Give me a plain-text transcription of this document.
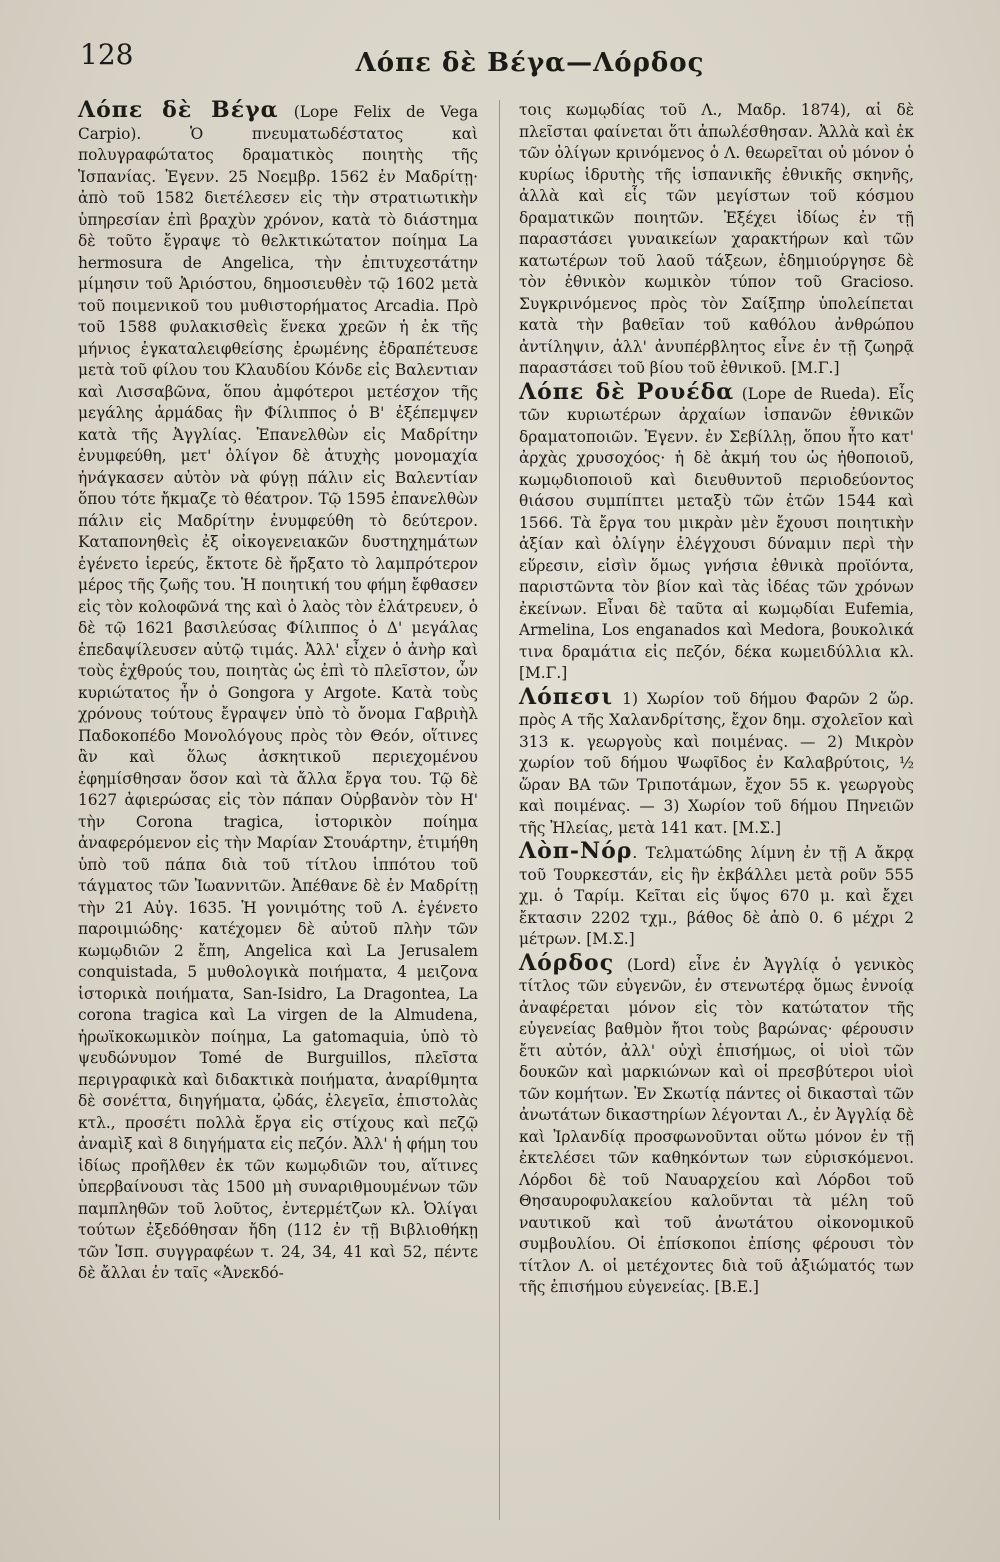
128	Λόπε δὲ Βέγα—Λόρδος

Λόπε δὲ Βέγα (Lope Felix de Vega Carpio). Ὁ πνευματωδέστατος καὶ πολυγραφώτατος δραματικὸς ποιητὴς τῆς Ἱσπανίας. Ἐγενν. 25 Νοεμβρ. 1562 ἐν Μαδρίτῃ· ἀπὸ τοῦ 1582 διετέλεσεν εἰς τὴν στρατιωτικὴν ὑπηρεσίαν ἐπὶ βραχὺν χρόνον, κατὰ τὸ διάστημα δὲ τοῦτο ἔγραψε τὸ θελκτικώτατον ποίημα La hermosura de Angelica, τὴν ἐπιτυχεστάτην μίμησιν τοῦ Ἀριόστου, δημοσιευθὲν τῷ 1602 μετὰ τοῦ ποιμενικοῦ του μυθιστορήματος Arcadia. Πρὸ τοῦ 1588 φυλακισθεὶς ἕνεκα χρεῶν ἡ ἐκ τῆς μήνιος ἐγκαταλειφθείσης ἐρωμένης ἐδραπέτευσε μετὰ τοῦ φίλου του Κλαυδίου Κόνδε εἰς Βαλεντιαν καὶ Λισσαβῶνα, ὅπου ἀμφότεροι μετέσχον τῆς μεγάλης ἁρμάδας ἣν Φίλιππος ὁ Β' ἐξέπεμψεν κατὰ τῆς Ἀγγλίας. Ἐπανελθὼν εἰς Μαδρίτην ἐνυμφεύθη, μετ' ὀλίγον δὲ ἀτυχὴς μονομαχία ἠνάγκασεν αὐτὸν νὰ φύγῃ πάλιν εἰς Βαλεντίαν ὅπου τότε ἤκμαζε τὸ θέατρον. Τῷ 1595 ἐπανελθὼν πάλιν εἰς Μαδρίτην ἐνυμφεύθη τὸ δεύτερον. Καταπονηθεὶς ἐξ οἰκογενειακῶν δυστηχημάτων ἐγένετο ἱερεύς, ἔκτοτε δὲ ἤρξατο τὸ λαμπρότερον μέρος τῆς ζωῆς του. Ἡ ποιητική του φήμη ἔφθασεν εἰς τὸν κολοφῶνά της καὶ ὁ λαὸς τὸν ἐλάτρευεν, ὁ δὲ τῷ 1621 βασιλεύσας Φίλιππος ὁ Δ' μεγάλας ἐπεδαψίλευσεν αὐτῷ τιμάς. Ἀλλ' εἶχεν ὁ ἀνὴρ καὶ τοὺς ἐχθρούς του, ποιητὰς ὡς ἐπὶ τὸ πλεῖστον, ὧν κυριώτατος ἦν ὁ Gongora y Argote. Κατὰ τοὺς χρόνους τούτους ἔγραψεν ὑπὸ τὸ ὄνομα Γαβριὴλ Παδοκοπέδο Μονολόγους πρὸς τὸν Θεόν, οἵτινες ἂν καὶ ὅλως ἀσκητικοῦ περιεχομένου ἐφημίσθησαν ὅσον καὶ τὰ ἄλλα ἔργα του. Τῷ δὲ 1627 ἀφιερώσας εἰς τὸν πάπαν Οὐρβανὸν τὸν Η' τὴν Corona tragica, ἱστορικὸν ποίημα ἀναφερόμενον εἰς τὴν Μαρίαν Στουάρτην, ἐτιμήθη ὑπὸ τοῦ πάπα διὰ τοῦ τίτλου ἱππότου τοῦ τάγματος τῶν Ἰωαννιτῶν. Ἀπέθανε δὲ ἐν Μαδρίτῃ τὴν 21 Αὐγ. 1635. Ἡ γονιμότης τοῦ Λ. ἐγένετο παροιμιώδης· κατέχομεν δὲ αὐτοῦ πλὴν τῶν κωμῳδιῶν 2 ἔπη, Angelica καὶ La Jerusalem conquistada, 5 μυθολογικὰ ποιήματα, 4 μειζονα ἱστορικὰ ποιήματα, San-Isidro, La Dragontea, La corona tragica καὶ La virgen de la Almudena, ἡρωϊκοκωμικὸν ποίημα, La gatomaquia, ὑπὸ τὸ ψευδώνυμον Tomé de Burguillos, πλεῖστα περιγραφικὰ καὶ διδακτικὰ ποιήματα, ἀναρίθμητα δὲ σονέττα, διηγήματα, ᾠδάς, ἐλεγεῖα, ἐπιστολὰς κτλ., προσέτι πολλὰ ἔργα εἰς στίχους καὶ πεζῷ ἀναμὶξ καὶ 8 διηγήματα εἰς πεζόν. Ἀλλ' ἡ φήμη του ἰδίως προῆλθεν ἐκ τῶν κωμῳδιῶν του, αἵτινες ὑπερβαίνουσι τὰς 1500 μὴ συναριθμουμένων τῶν παμπληθῶν τοῦ λοῦτος, ἐντερμέτζων κλ. Ὀλίγαι τούτων ἐξεδόθησαν ἤδη (112 ἐν τῇ Βιβλιοθήκῃ τῶν Ἰσπ. συγγραφέων τ. 24, 34, 41 καὶ 52, πέντε δὲ ἄλλαι ἐν ταῖς «Ἀνεκδό-

τοις κωμῳδίας τοῦ Λ., Μαδρ. 1874), αἱ δὲ πλεῖσται φαίνεται ὅτι ἀπωλέσθησαν. Ἀλλὰ καὶ ἐκ τῶν ὀλίγων κρινόμενος ὁ Λ. θεωρεῖται οὐ μόνον ὁ κυρίως ἱδρυτὴς τῆς ἱσπανικῆς ἐθνικῆς σκηνῆς, ἀλλὰ καὶ εἷς τῶν μεγίστων τοῦ κόσμου δραματικῶν ποιητῶν. Ἐξέχει ἰδίως ἐν τῇ παραστάσει γυναικείων χαρακτήρων καὶ τῶν κατωτέρων τοῦ λαοῦ τάξεων, ἐδημιούργησε δὲ τὸν ἐθνικὸν κωμικὸν τύπον τοῦ Gracioso. Συγκρινόμενος πρὸς τὸν Σαίξπηρ ὑπολείπεται κατὰ τὴν βαθεῖαν τοῦ καθόλου ἀνθρώπου ἀντίληψιν, ἀλλ' ἀνυπέρβλητος εἶνε ἐν τῇ ζωηρᾷ παραστάσει τοῦ βίου τοῦ ἐθνικοῦ. [Μ.Γ.]

Λόπε δὲ Ρουέδα (Lope de Rueda). Εἷς τῶν κυριωτέρων ἀρχαίων ἱσπανῶν ἐθνικῶν δραματοποιῶν. Ἐγενν. ἐν Σεβίλλῃ, ὅπου ἦτο κατ' ἀρχὰς χρυσοχόος· ἡ δὲ ἀκμή του ὡς ἠθοποιοῦ, κωμῳδιοποιοῦ καὶ διευθυντοῦ περιοδεύοντος θιάσου συμπίπτει μεταξὺ τῶν ἐτῶν 1544 καὶ 1566. Τὰ ἔργα του μικρὰν μὲν ἔχουσι ποιητικὴν ἀξίαν καὶ ὀλίγην ἐλέγχουσι δύναμιν περὶ τὴν εὕρεσιν, εἰσὶν ὅμως γνήσια ἐθνικὰ προϊόντα, παριστῶντα τὸν βίον καὶ τὰς ἰδέας τῶν χρόνων ἐκείνων. Εἶναι δὲ ταῦτα αἱ κωμῳδίαι Eufemia, Armelina, Los enganados καὶ Medora, βουκολικά τινα δραμάτια εἰς πεζόν, δέκα κωμειδύλλια κλ. [Μ.Γ.]

Λόπεσι 1) Χωρίον τοῦ δήμου Φαρῶν 2 ὥρ. πρὸς Α τῆς Χαλανδρίτσης, ἔχον δημ. σχολεῖον καὶ 313 κ. γεωργοὺς καὶ ποιμένας. — 2) Μικρὸν χωρίον τοῦ δήμου Ψωφῖδος ἐν Καλαβρύτοις, ½ ὥραν ΒΑ τῶν Τριποτάμων, ἔχον 55 κ. γεωργοὺς καὶ ποιμένας. — 3) Χωρίον τοῦ δήμου Πηνειῶν τῆς Ἠλείας, μετὰ 141 κατ. [Μ.Σ.]

Λὸπ-Νόρ. Τελματώδης λίμνη ἐν τῇ Α ἄκρᾳ τοῦ Τουρκεστάν, εἰς ἣν ἐκβάλλει μετὰ ροῦν 555 χμ. ὁ Ταρίμ. Κεῖται εἰς ὕψος 670 μ. καὶ ἔχει ἔκτασιν 2202 τχμ., βάθος δὲ ἀπὸ 0. 6 μέχρι 2 μέτρων. [Μ.Σ.]

Λόρδος (Lord) εἶνε ἐν Ἀγγλίᾳ ὁ γενικὸς τίτλος τῶν εὐγενῶν, ἐν στενωτέρᾳ ὅμως ἐννοίᾳ ἀναφέρεται μόνον εἰς τὸν κατώτατον τῆς εὐγενείας βαθμὸν ἤτοι τοὺς βαρώνας· φέρουσιν ἔτι αὐτόν, ἀλλ' οὐχὶ ἐπισήμως, οἱ υἱοὶ τῶν δουκῶν καὶ μαρκιώνων καὶ οἱ πρεσβύτεροι υἱοὶ τῶν κομήτων. Ἐν Σκωτίᾳ πάντες οἱ δικασταὶ τῶν ἀνωτάτων δικαστηρίων λέγονται Λ., ἐν Ἀγγλίᾳ δὲ καὶ Ἰρλανδίᾳ προσφωνοῦνται οὕτω μόνον ἐν τῇ ἐκτελέσει τῶν καθηκόντων των εὑρισκόμενοι. Λόρδοι δὲ τοῦ Ναυαρχείου καὶ Λόρδοι τοῦ Θησαυροφυλακείου καλοῦνται τὰ μέλη τοῦ ναυτικοῦ καὶ τοῦ ἀνωτάτου οἰκονομικοῦ συμβουλίου. Οἱ ἐπίσκοποι ἐπίσης φέρουσι τὸν τίτλον Λ. οἱ μετέχοντες διὰ τοῦ ἀξιώματός των τῆς ἐπισήμου εὐγενείας. [Β.Ε.]
